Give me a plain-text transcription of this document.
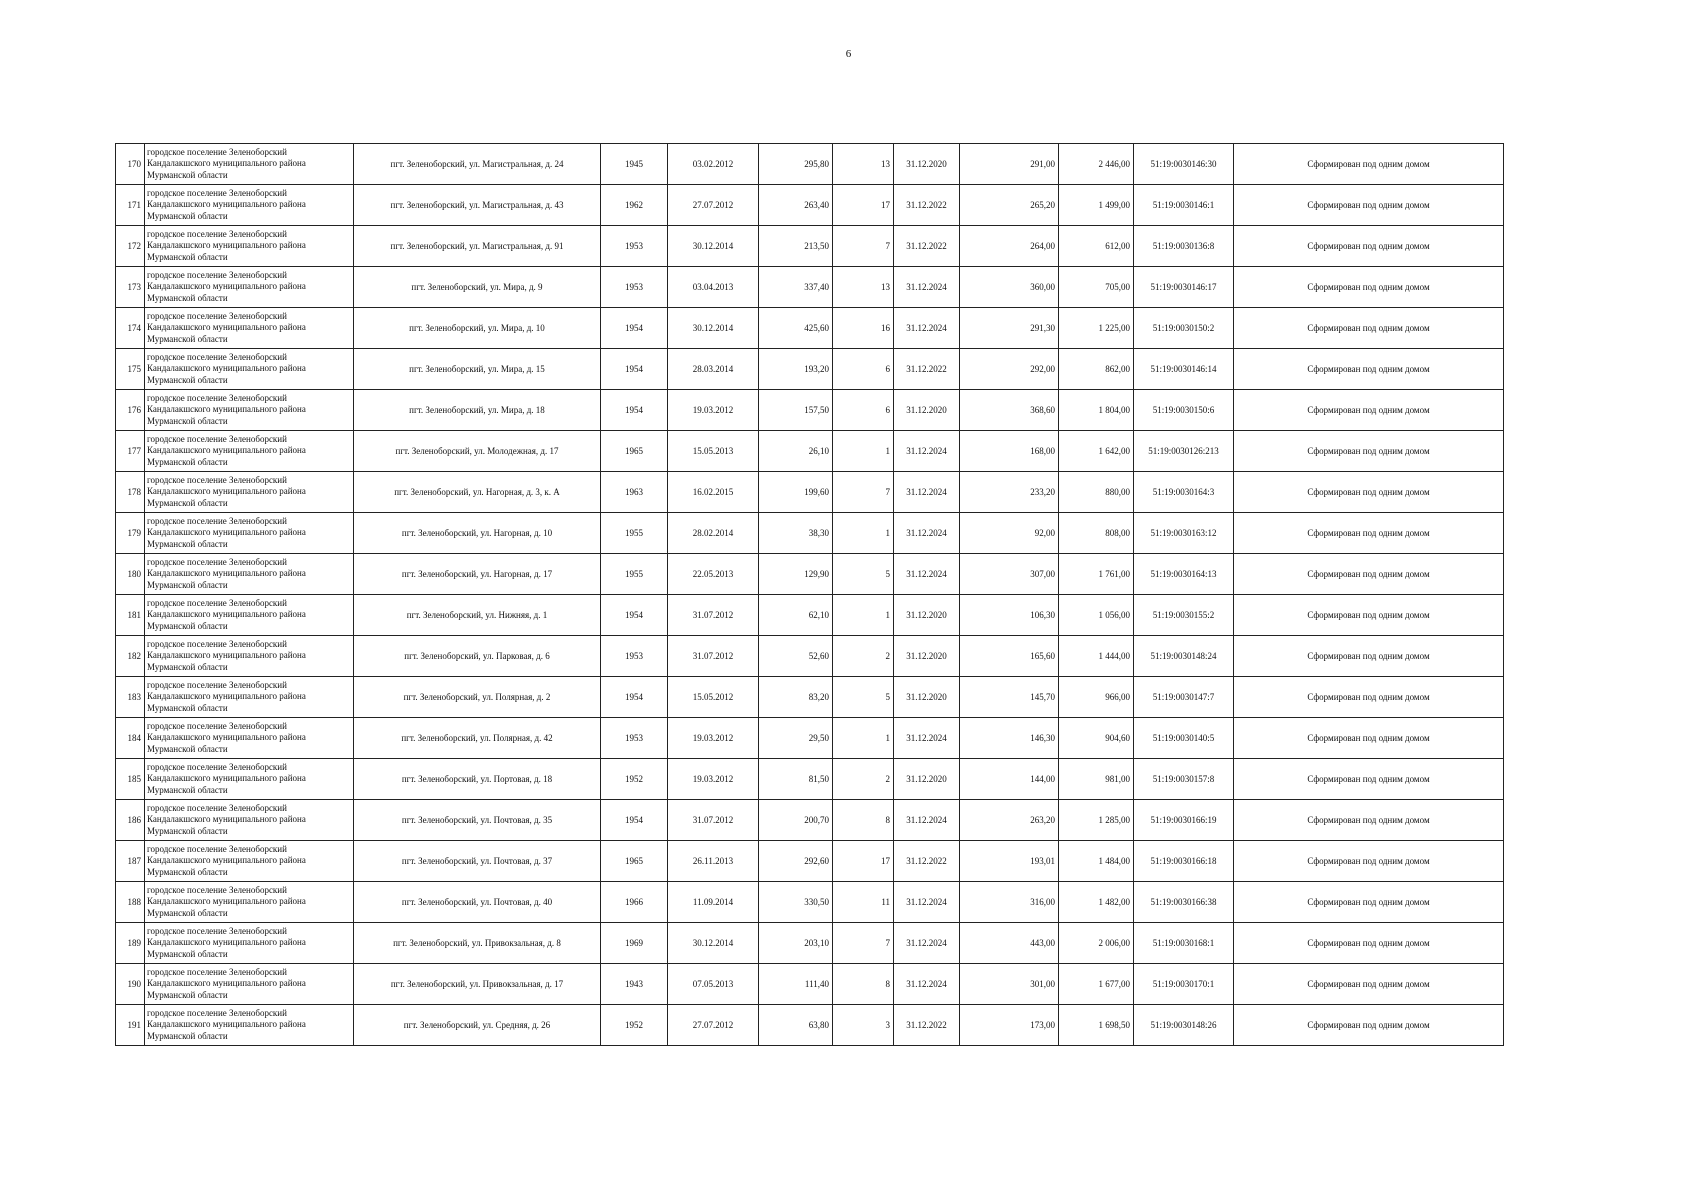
6
170	городское поселение Зеленоборский
Кандалакшского муниципального района
Мурманской области	пгт. Зеленоборский, ул. Магистральная, д. 24	1945	03.02.2012	295,80	13	31.12.2020	291,00	2 446,00	51:19:0030146:30	Сформирован под одним домом
171	городское поселение Зеленоборский
Кандалакшского муниципального района
Мурманской области	пгт. Зеленоборский, ул. Магистральная, д. 43	1962	27.07.2012	263,40	17	31.12.2022	265,20	1 499,00	51:19:0030146:1	Сформирован под одним домом
172	городское поселение Зеленоборский
Кандалакшского муниципального района
Мурманской области	пгт. Зеленоборский, ул. Магистральная, д. 91	1953	30.12.2014	213,50	7	31.12.2022	264,00	612,00	51:19:0030136:8	Сформирован под одним домом
173	городское поселение Зеленоборский
Кандалакшского муниципального района
Мурманской области	пгт. Зеленоборский, ул. Мира, д. 9	1953	03.04.2013	337,40	13	31.12.2024	360,00	705,00	51:19:0030146:17	Сформирован под одним домом
174	городское поселение Зеленоборский
Кандалакшского муниципального района
Мурманской области	пгт. Зеленоборский, ул. Мира, д. 10	1954	30.12.2014	425,60	16	31.12.2024	291,30	1 225,00	51:19:0030150:2	Сформирован под одним домом
175	городское поселение Зеленоборский
Кандалакшского муниципального района
Мурманской области	пгт. Зеленоборский, ул. Мира, д. 15	1954	28.03.2014	193,20	6	31.12.2022	292,00	862,00	51:19:0030146:14	Сформирован под одним домом
176	городское поселение Зеленоборский
Кандалакшского муниципального района
Мурманской области	пгт. Зеленоборский, ул. Мира, д. 18	1954	19.03.2012	157,50	6	31.12.2020	368,60	1 804,00	51:19:0030150:6	Сформирован под одним домом
177	городское поселение Зеленоборский
Кандалакшского муниципального района
Мурманской области	пгт. Зеленоборский, ул. Молодежная, д. 17	1965	15.05.2013	26,10	1	31.12.2024	168,00	1 642,00	51:19:0030126:213	Сформирован под одним домом
178	городское поселение Зеленоборский
Кандалакшского муниципального района
Мурманской области	пгт. Зеленоборский, ул. Нагорная, д. 3, к. А	1963	16.02.2015	199,60	7	31.12.2024	233,20	880,00	51:19:0030164:3	Сформирован под одним домом
179	городское поселение Зеленоборский
Кандалакшского муниципального района
Мурманской области	пгт. Зеленоборский, ул. Нагорная, д. 10	1955	28.02.2014	38,30	1	31.12.2024	92,00	808,00	51:19:0030163:12	Сформирован под одним домом
180	городское поселение Зеленоборский
Кандалакшского муниципального района
Мурманской области	пгт. Зеленоборский, ул. Нагорная, д. 17	1955	22.05.2013	129,90	5	31.12.2024	307,00	1 761,00	51:19:0030164:13	Сформирован под одним домом
181	городское поселение Зеленоборский
Кандалакшского муниципального района
Мурманской области	пгт. Зеленоборский, ул. Нижняя, д. 1	1954	31.07.2012	62,10	1	31.12.2020	106,30	1 056,00	51:19:0030155:2	Сформирован под одним домом
182	городское поселение Зеленоборский
Кандалакшского муниципального района
Мурманской области	пгт. Зеленоборский, ул. Парковая, д. 6	1953	31.07.2012	52,60	2	31.12.2020	165,60	1 444,00	51:19:0030148:24	Сформирован под одним домом
183	городское поселение Зеленоборский
Кандалакшского муниципального района
Мурманской области	пгт. Зеленоборский, ул. Полярная, д. 2	1954	15.05.2012	83,20	5	31.12.2020	145,70	966,00	51:19:0030147:7	Сформирован под одним домом
184	городское поселение Зеленоборский
Кандалакшского муниципального района
Мурманской области	пгт. Зеленоборский, ул. Полярная, д. 42	1953	19.03.2012	29,50	1	31.12.2024	146,30	904,60	51:19:0030140:5	Сформирован под одним домом
185	городское поселение Зеленоборский
Кандалакшского муниципального района
Мурманской области	пгт. Зеленоборский, ул. Портовая, д. 18	1952	19.03.2012	81,50	2	31.12.2020	144,00	981,00	51:19:0030157:8	Сформирован под одним домом
186	городское поселение Зеленоборский
Кандалакшского муниципального района
Мурманской области	пгт. Зеленоборский, ул. Почтовая, д. 35	1954	31.07.2012	200,70	8	31.12.2024	263,20	1 285,00	51:19:0030166:19	Сформирован под одним домом
187	городское поселение Зеленоборский
Кандалакшского муниципального района
Мурманской области	пгт. Зеленоборский, ул. Почтовая, д. 37	1965	26.11.2013	292,60	17	31.12.2022	193,01	1 484,00	51:19:0030166:18	Сформирован под одним домом
188	городское поселение Зеленоборский
Кандалакшского муниципального района
Мурманской области	пгт. Зеленоборский, ул. Почтовая, д. 40	1966	11.09.2014	330,50	11	31.12.2024	316,00	1 482,00	51:19:0030166:38	Сформирован под одним домом
189	городское поселение Зеленоборский
Кандалакшского муниципального района
Мурманской области	пгт. Зеленоборский, ул. Привокзальная, д. 8	1969	30.12.2014	203,10	7	31.12.2024	443,00	2 006,00	51:19:0030168:1	Сформирован под одним домом
190	городское поселение Зеленоборский
Кандалакшского муниципального района
Мурманской области	пгт. Зеленоборский, ул. Привокзальная, д. 17	1943	07.05.2013	111,40	8	31.12.2024	301,00	1 677,00	51:19:0030170:1	Сформирован под одним домом
191	городское поселение Зеленоборский
Кандалакшского муниципального района
Мурманской области	пгт. Зеленоборский, ул. Средняя, д. 26	1952	27.07.2012	63,80	3	31.12.2022	173,00	1 698,50	51:19:0030148:26	Сформирован под одним домом
